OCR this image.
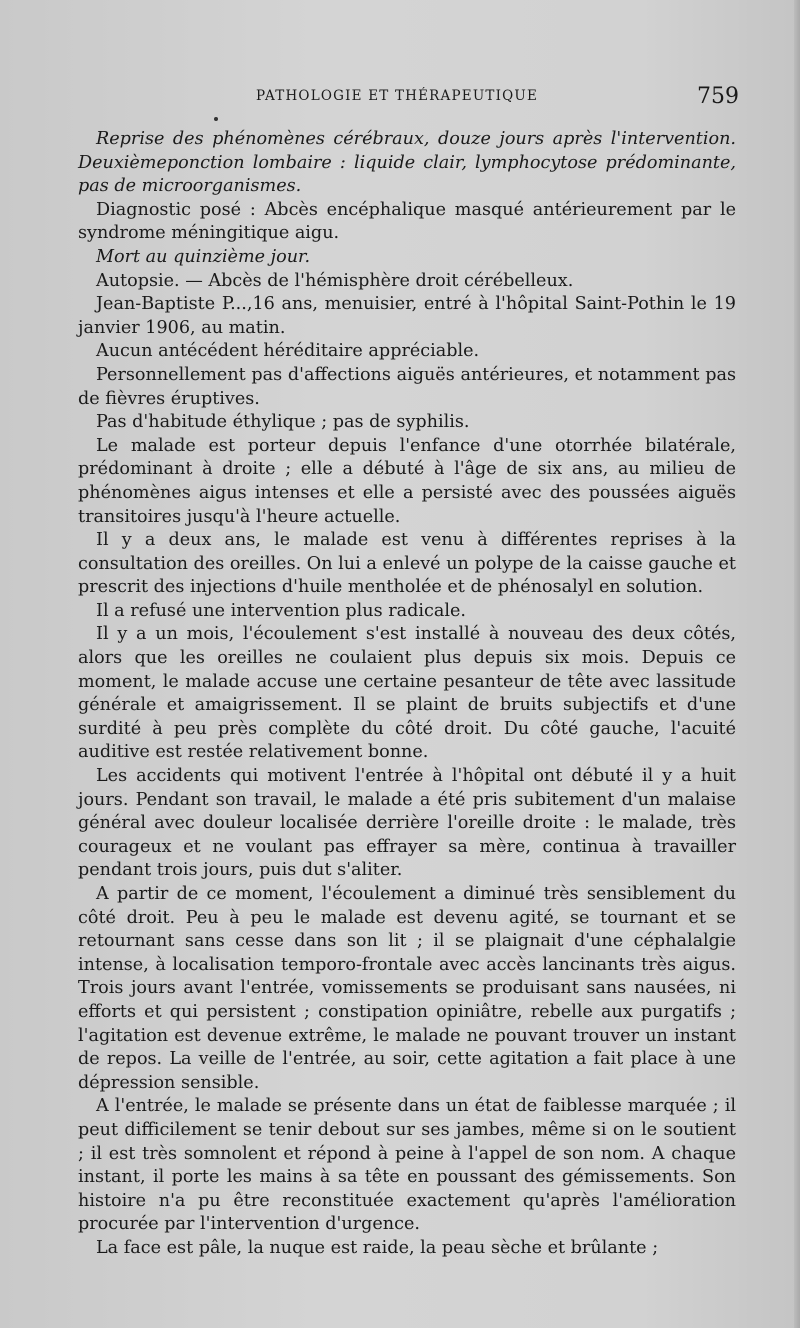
PATHOLOGIE ET THÉRAPEUTIQUE	759

Reprise des phénomènes cérébraux, douze jours après l'intervention. Deuxièmeponction lombaire : liquide clair, lymphocytose prédominante, pas de microorganismes.

Diagnostic posé : Abcès encéphalique masqué antérieurement par le syndrome méningitique aigu.

Mort au quinzième jour.

Autopsie. — Abcès de l'hémisphère droit cérébelleux.

Jean-Baptiste P...,16 ans, menuisier, entré à l'hôpital Saint-Pothin le 19 janvier 1906, au matin.

Aucun antécédent héréditaire appréciable.

Personnellement pas d'affections aiguës antérieures, et notamment pas de fièvres éruptives.

Pas d'habitude éthylique ; pas de syphilis.

Le malade est porteur depuis l'enfance d'une otorrhée bilatérale, prédominant à droite ; elle a débuté à l'âge de six ans, au milieu de phénomènes aigus intenses et elle a persisté avec des poussées aiguës transitoires jusqu'à l'heure actuelle.

Il y a deux ans, le malade est venu à différentes reprises à la consultation des oreilles. On lui a enlevé un polype de la caisse gauche et prescrit des injections d'huile mentholée et de phénosalyl en solution.

Il a refusé une intervention plus radicale.

Il y a un mois, l'écoulement s'est installé à nouveau des deux côtés, alors que les oreilles ne coulaient plus depuis six mois. Depuis ce moment, le malade accuse une certaine pesanteur de tête avec lassitude générale et amaigrissement. Il se plaint de bruits subjectifs et d'une surdité à peu près complète du côté droit. Du côté gauche, l'acuité auditive est restée relativement bonne.

Les accidents qui motivent l'entrée à l'hôpital ont débuté il y a huit jours. Pendant son travail, le malade a été pris subitement d'un malaise général avec douleur localisée derrière l'oreille droite : le malade, très courageux et ne voulant pas effrayer sa mère, continua à travailler pendant trois jours, puis dut s'aliter.

A partir de ce moment, l'écoulement a diminué très sensiblement du côté droit. Peu à peu le malade est devenu agité, se tournant et se retournant sans cesse dans son lit ; il se plaignait d'une céphalalgie intense, à localisation temporo-frontale avec accès lancinants très aigus. Trois jours avant l'entrée, vomissements se produisant sans nausées, ni efforts et qui persistent ; constipation opiniâtre, rebelle aux purgatifs ; l'agitation est devenue extrême, le malade ne pouvant trouver un instant de repos. La veille de l'entrée, au soir, cette agitation a fait place à une dépression sensible.

A l'entrée, le malade se présente dans un état de faiblesse marquée ; il peut difficilement se tenir debout sur ses jambes, même si on le soutient ; il est très somnolent et répond à peine à l'appel de son nom. A chaque instant, il porte les mains à sa tête en poussant des gémissements. Son histoire n'a pu être reconstituée exactement qu'après l'amélioration procurée par l'intervention d'urgence.

La face est pâle, la nuque est raide, la peau sèche et brûlante ;
